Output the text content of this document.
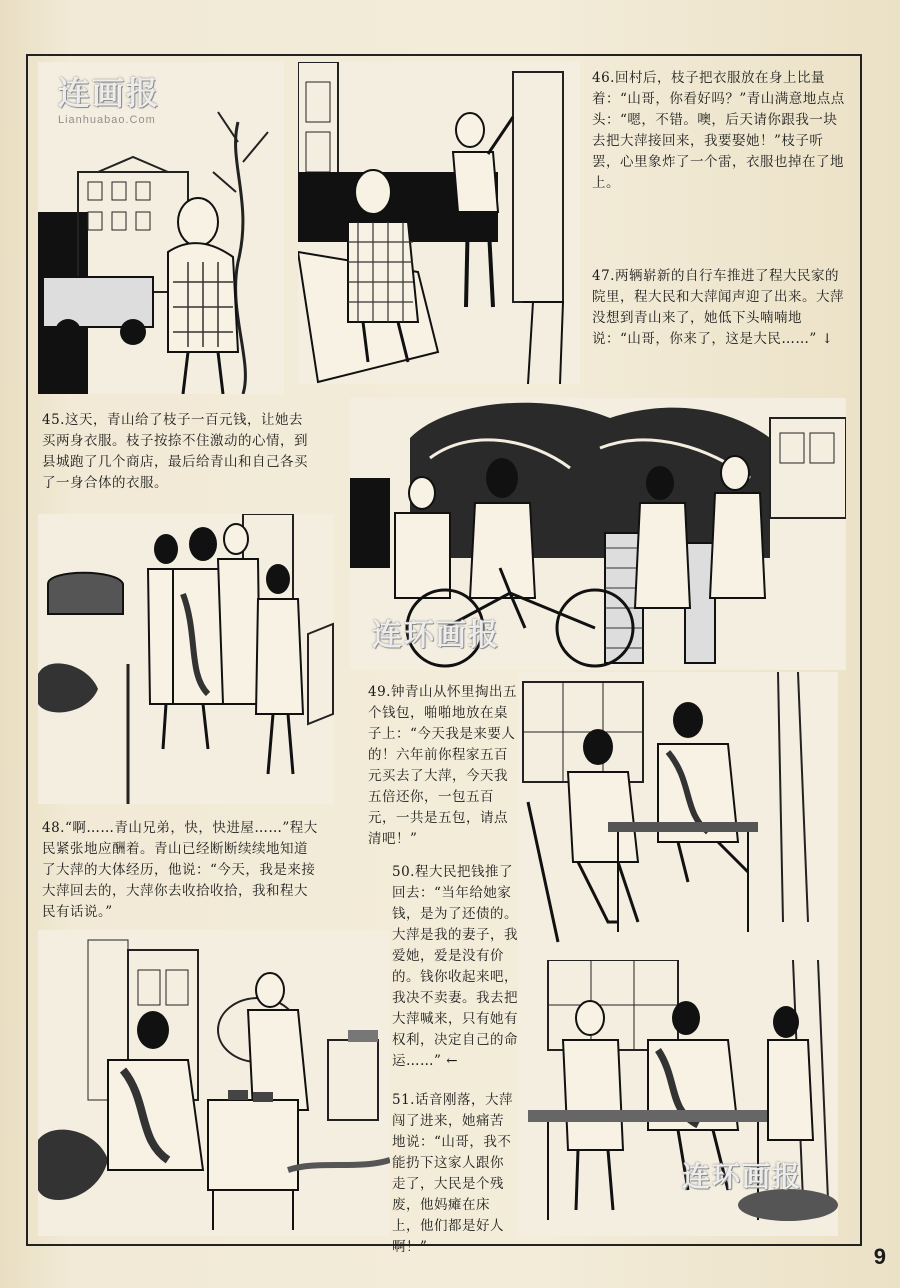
连画报
Lianhuabao.Com
46.回村后，枝子把衣服放在身上比量着：“山哥，你看好吗？”青山满意地点点头：“嗯，不错。噢，后天请你跟我一块去把大萍接回来，我要娶她！”枝子听罢，心里象炸了一个雷，衣服也掉在了地上。
47.两辆崭新的自行车推进了程大民家的院里，程大民和大萍闻声迎了出来。大萍没想到青山来了，她低下头喃喃地说：“山哥，你来了，这是大民……” ↓
45.这天，青山给了枝子一百元钱，让她去买两身衣服。枝子按捺不住激动的心情，到县城跑了几个商店，最后给青山和自己各买了一身合体的衣服。
连环画报
49.钟青山从怀里掏出五个钱包，啪啪地放在桌子上：“今天我是来要人的！六年前你程家五百元买去了大萍，今天我五倍还你，一包五百元，一共是五包，请点清吧！”
48.“啊……青山兄弟，快，快进屋……”程大民紧张地应酬着。青山已经断断续续地知道了大萍的大体经历，他说：“今天，我是来接大萍回去的，大萍你去收拾收拾，我和程大民有话说。”
50.程大民把钱推了回去：“当年给她家钱，是为了还债的。大萍是我的妻子，我爱她，爱是没有价的。钱你收起来吧，我决不卖妻。我去把大萍喊来，只有她有权利，决定自己的命运……” ←
51.话音刚落，大萍闯了进来，她痛苦地说：“山哥，我不能扔下这家人跟你走了，大民是个残废，他妈瘫在床上，他们都是好人啊！”
连环画报
9
